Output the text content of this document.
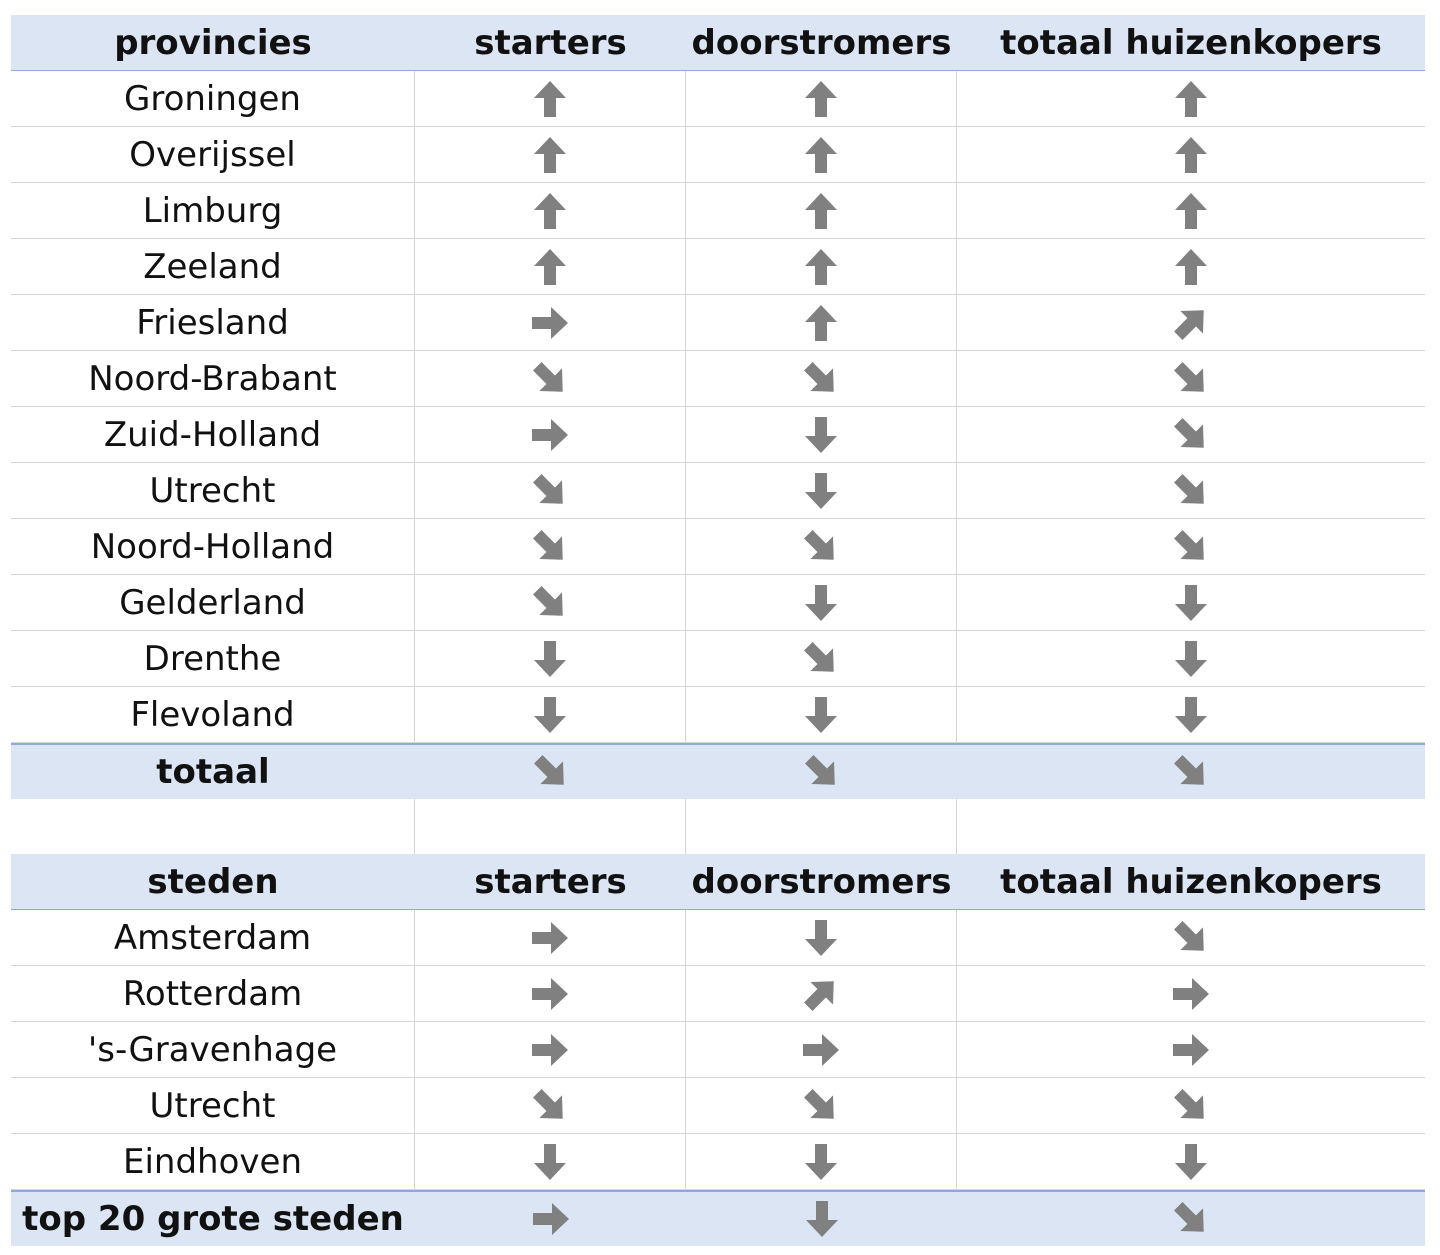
provincies	starters	doorstromers	totaal huizenkopers
Groningen
Overijssel
Limburg
Zeeland
Friesland
Noord-Brabant
Zuid-Holland
Utrecht
Noord-Holland
Gelderland
Drenthe
Flevoland
totaal
steden	starters	doorstromers	totaal huizenkopers
Amsterdam
Rotterdam
's-Gravenhage
Utrecht
Eindhoven
top 20 grote steden
